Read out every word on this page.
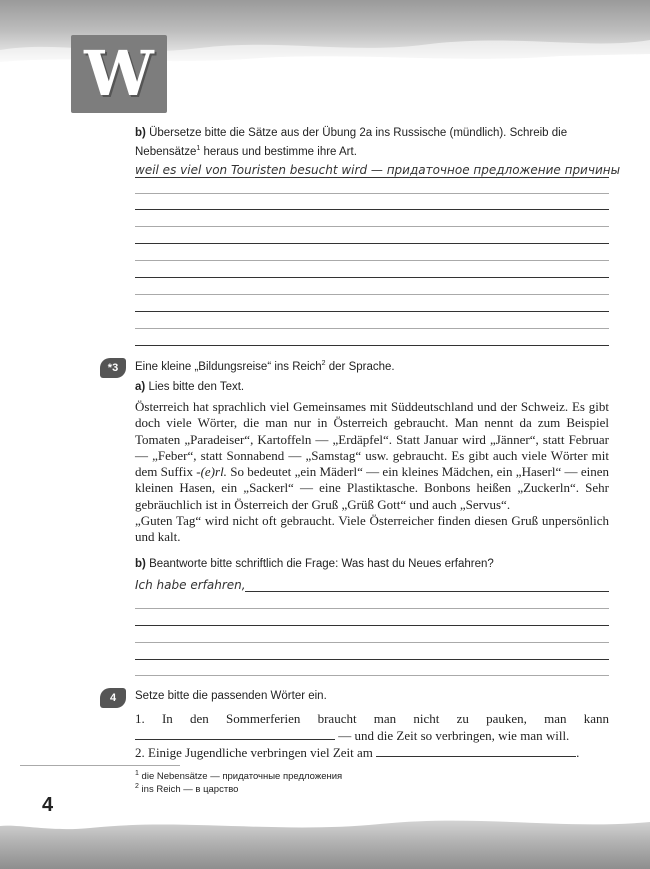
W
b) Übersetze bitte die Sätze aus der Übung 2a ins Russische (mündlich). Schreib die Nebensätze$^1$ heraus und bestimme ihre Art.
weil es viel von Touristen besucht wird — придаточное предложение причины
*3	Eine kleine „Bildungsreise“ ins Reich$^2$ der Sprache.
a) Lies bitte den Text.

Österreich hat sprachlich viel Gemeinsames mit Süddeutschland und der Schweiz. Es gibt doch viele Wörter, die man nur in Österreich gebraucht. Man nennt da zum Beispiel Tomaten „Paradeiser“, Kartoffeln — „Erdäpfel“. Statt Januar wird „Jänner“, statt Februar — „Feber“, statt Sonnabend — „Samstag“ usw. gebraucht. Es gibt auch viele Wörter mit dem Suffix -(e)rl. So bedeutet „ein Mäderl“ — ein kleines Mädchen, ein „Haserl“ — einen kleinen Hasen, ein „Sackerl“ — eine Plastiktasche. Bonbons heißen „Zuckerln“. Sehr gebräuchlich ist in Österreich der Gruß „Grüß Gott“ und auch „Servus“.

„Guten Tag“ wird nicht oft gebraucht. Viele Österreicher finden diesen Gruß unpersönlich und kalt.

b) Beantworte bitte schriftlich die Frage: Was hast du Neues erfahren?
Ich habe erfahren,
4	Setze bitte die passenden Wörter ein.
1. In den Sommerferien braucht man nicht zu pauken, man kann
— und die Zeit so verbringen, wie man will.
2. Einige Jugendliche verbringen viel Zeit am	.
$^1$ die Nebensätze — придаточные предложения
$^2$ ins Reich — в царство
4
